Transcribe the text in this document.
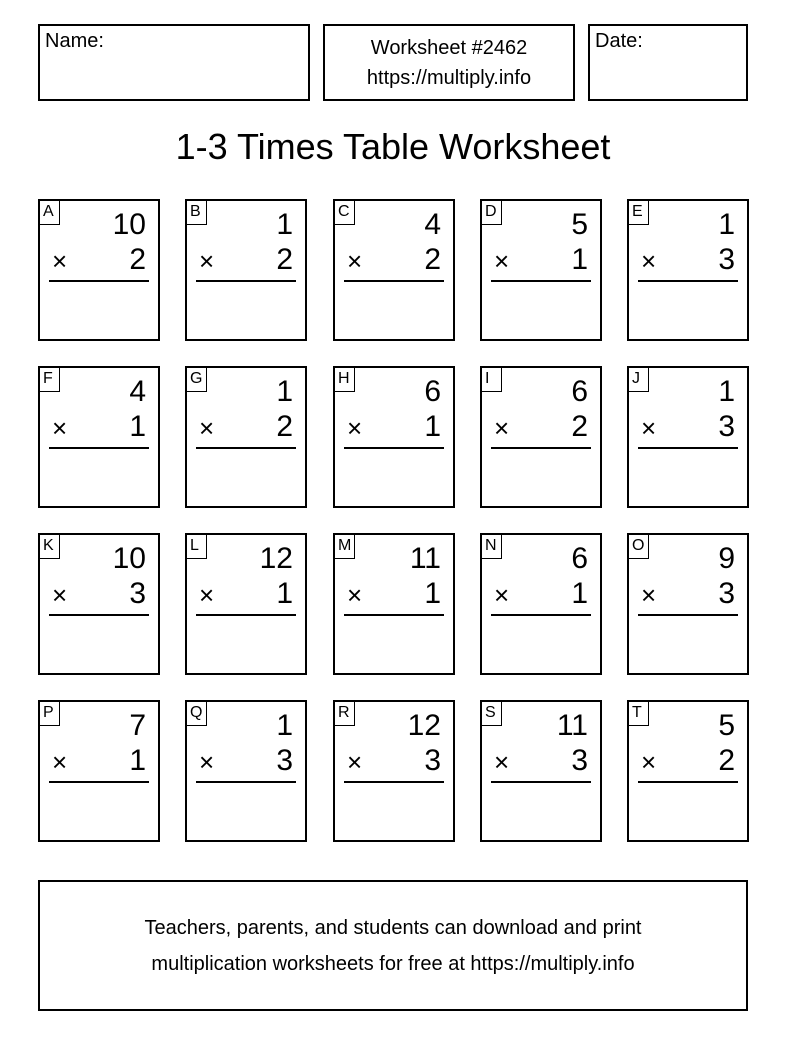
Name:	Worksheet #2462
https://multiply.info
Date:
1-3 Times Table Worksheet
A 10
× 2
B	1
× 2
C 4
× 2
D 5
× 1
E	1
× 3
F	4
× 1
G 1
× 2
H 6
× 1
I	6
× 2
J	1
× 3
K 10
× 3
L 12
× 1
M 11
× 1
N 6
× 1
O 9
× 3
P	7
× 1
Q 1
× 3
R 12
× 3
S 11
× 3
T	5
× 2
Teachers, parents, and students can download and print
multiplication worksheets for free at https://multiply.info
